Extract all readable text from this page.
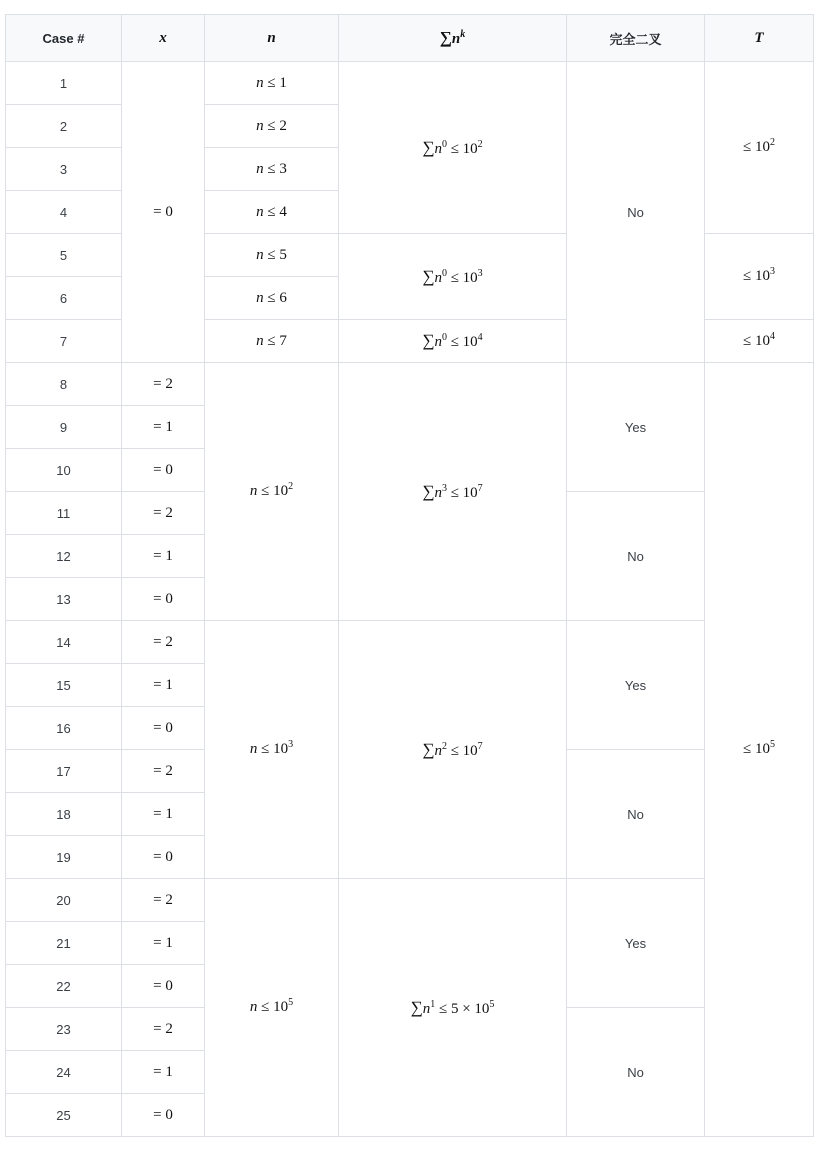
Case #	x	n	$\sum n^k$	完全二叉	T
1	= 0	n ≤ 1	$\sum n^0 \le 10^2$	No	≤ $10^2$
2		n ≤ 2			
3		n ≤ 3			
4		n ≤ 4			
5		n ≤ 5	$\sum n^0 \le 10^3$		≤ $10^3$
6		n ≤ 6			
7		n ≤ 7	$\sum n^0 \le 10^4$		≤ $10^4$
8	= 2	$n \le 10^2$	$\sum n^3 \le 10^7$	Yes	≤ $10^5$
9	= 1				
10	= 0				
11	= 2			No	
12	= 1				
13	= 0				
14	= 2	$n \le 10^3$	$\sum n^2 \le 10^7$	Yes	
15	= 1				
16	= 0				
17	= 2			No	
18	= 1				
19	= 0				
20	= 2	$n \le 10^5$	$\sum n^1 \le 5 \times 10^5$	Yes	
21	= 1				
22	= 0				
23	= 2			No	
24	= 1				
25	= 0				
